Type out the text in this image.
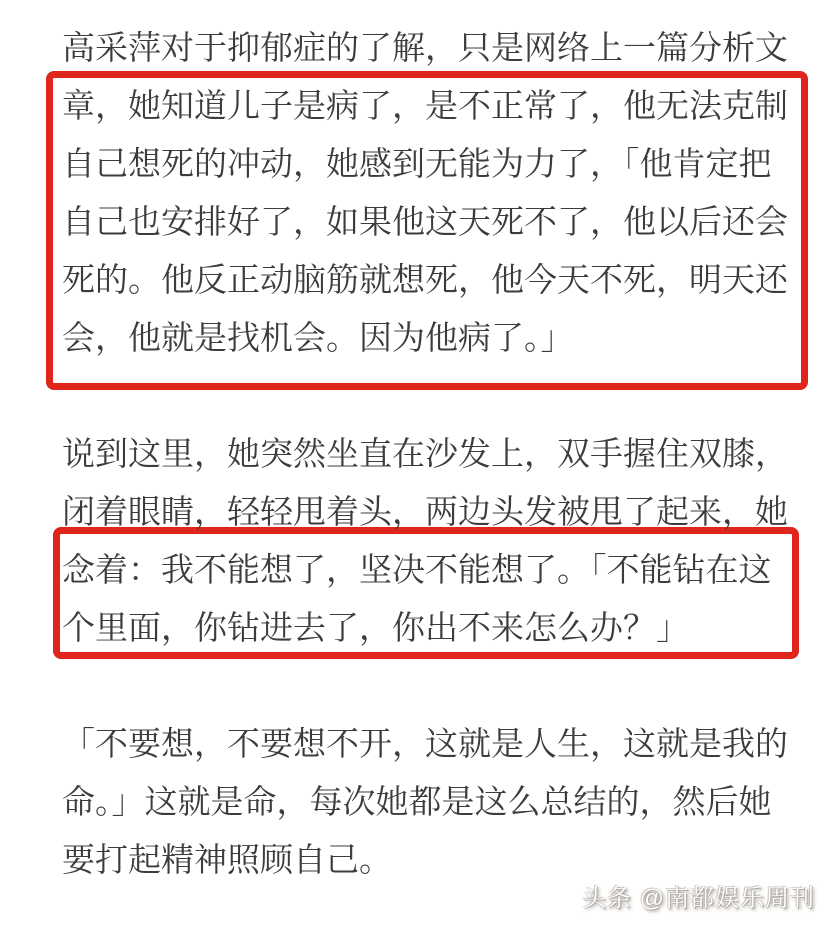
高采萍对于抑郁症的了解，只是网络上一篇分析文
章，她知道儿子是病了，是不正常了，他无法克制
自己想死的冲动，她感到无能为力了，「他肯定把
自己也安排好了，如果他这天死不了，他以后还会
死的。他反正动脑筋就想死，他今天不死，明天还
会，他就是找机会。因为他病了。」
说到这里，她突然坐直在沙发上，双手握住双膝，
闭着眼睛，轻轻甩着头，两边头发被甩了起来，她
念着：我不能想了，坚决不能想了。「不能钻在这
个里面，你钻进去了，你出不来怎么办？」
「不要想，不要想不开，这就是人生，这就是我的
命。」这就是命，每次她都是这么总结的，然后她
要打起精神照顾自己。
头条 @南都娱乐周刊
